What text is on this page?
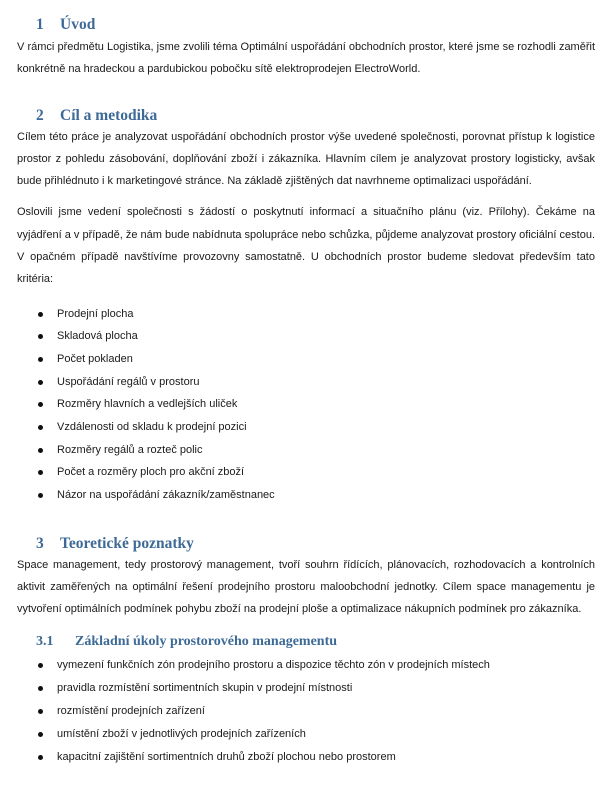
1	Úvod

V rámci předmětu Logistika, jsme zvolili téma Optimální uspořádání obchodních prostor, které jsme se rozhodli zaměřit konkrétně na hradeckou a pardubickou pobočku sítě elektroprodejen ElectroWorld.

2	Cíl a metodika

Cílem této práce je analyzovat uspořádání obchodních prostor výše uvedené společnosti, porovnat přístup k logistice prostor z pohledu zásobování, doplňování zboží i zákazníka. Hlavním cílem je analyzovat prostory logisticky, avšak bude přihlédnuto i k marketingové stránce. Na základě zjištěných dat navrhneme optimalizaci uspořádání.

Oslovili jsme vedení společnosti s žádostí o poskytnutí informací a situačního plánu (viz. Přílohy). Čekáme na vyjádření a v případě, že nám bude nabídnuta spolupráce nebo schůzka, půjdeme analyzovat prostory oficiální cestou. V opačném případě navštívíme provozovny samostatně. U obchodních prostor budeme sledovat především tato kritéria:

Prodejní plocha
Skladová plocha
Počet pokladen
Uspořádání regálů v prostoru
Rozměry hlavních a vedlejších uliček
Vzdálenosti od skladu k prodejní pozici
Rozměry regálů a rozteč polic
Počet a rozměry ploch pro akční zboží
Názor na uspořádání zákazník/zaměstnanec
3	Teoretické poznatky

Space management, tedy prostorový management, tvoří souhrn řídících, plánovacích, rozhodovacích a kontrolních aktivit zaměřených na optimální řešení prodejního prostoru maloobchodní jednotky. Cílem space managementu je vytvoření optimálních podmínek pohybu zboží na prodejní ploše a optimalizace nákupních podmínek pro zákazníka.

3.1	Základní úkoly prostorového managementu
vymezení funkčních zón prodejního prostoru a dispozice těchto zón v prodejních místech
pravidla rozmístění sortimentních skupin v prodejní místnosti
rozmístění prodejních zařízení
umístění zboží v jednotlivých prodejních zařízeních
kapacitní zajištění sortimentních druhů zboží plochou nebo prostorem
